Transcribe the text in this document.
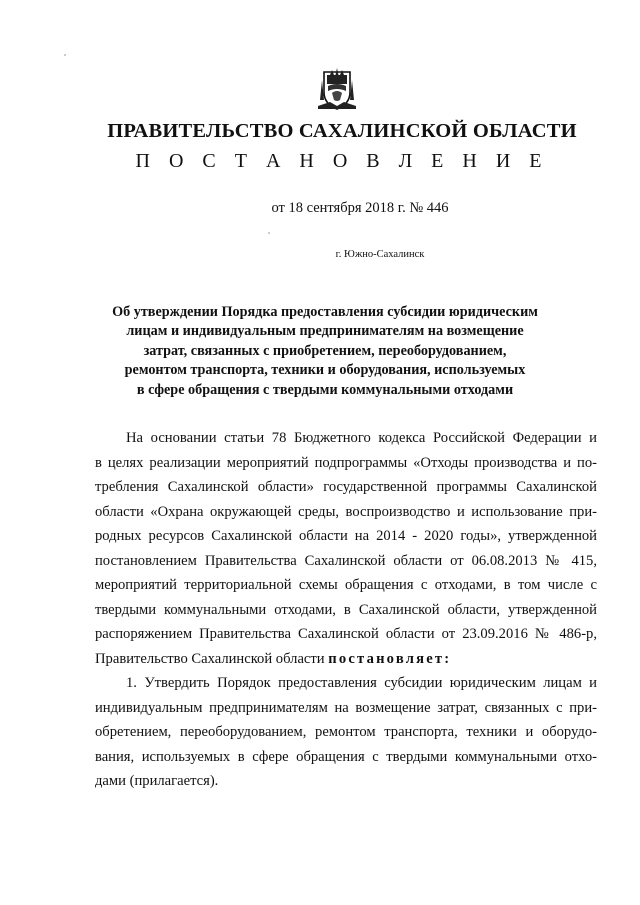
ПРАВИТЕЛЬСТВО САХАЛИНСКОЙ ОБЛАСТИ
П О С Т А Н О В Л Е Н И Е
от 18 сентября 2018 г. № 446
г. Южно-Сахалинск
Об утверждении Порядка предоставления субсидии юридическим
лицам и индивидуальным предпринимателям на возмещение
затрат, связанных с приобретением, переоборудованием,
ремонтом транспорта, техники и оборудования, используемых
в сфере обращения с твердыми коммунальными отходами
На основании статьи 78 Бюджетного кодекса Российской Федерации и
в целях реализации мероприятий подпрограммы «Отходы производства и по-
требления Сахалинской области» государственной программы Сахалинской
области «Охрана окружающей среды, воспроизводство и использование при-
родных ресурсов Сахалинской области на 2014 - 2020 годы», утвержденной
постановлением Правительства Сахалинской области от 06.08.2013 № 415,
мероприятий территориальной схемы обращения с отходами, в том числе с
твердыми коммунальными отходами, в Сахалинской области, утвержденной
распоряжением Правительства Сахалинской области от 23.09.2016 № 486-р,
Правительство Сахалинской области постановляет:
1. Утвердить Порядок предоставления субсидии юридическим лицам и
индивидуальным предпринимателям на возмещение затрат, связанных с при-
обретением, переоборудованием, ремонтом транспорта, техники и оборудо-
вания, используемых в сфере обращения с твердыми коммунальными отхо-
дами (прилагается).
